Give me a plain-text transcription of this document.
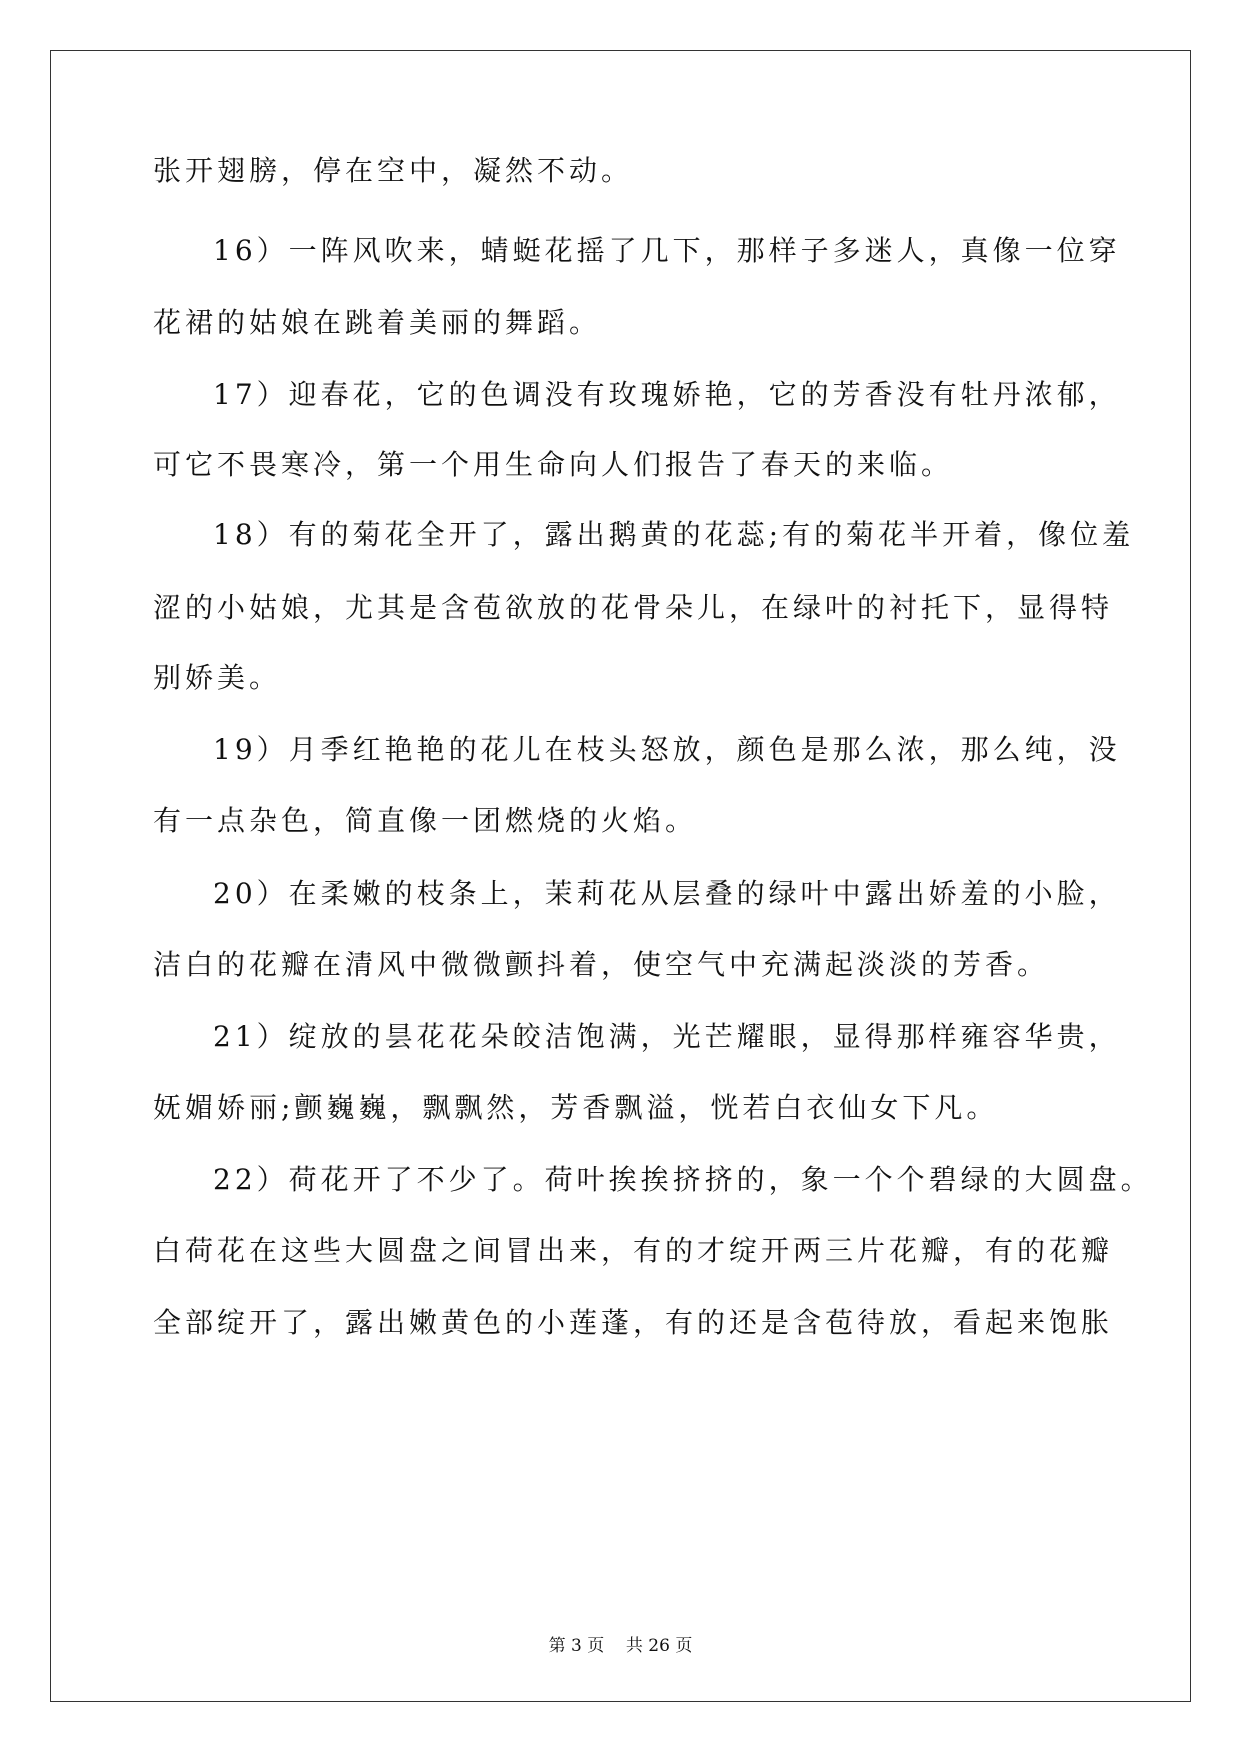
张开翅膀，停在空中，凝然不动。
16）一阵风吹来，蜻蜓花摇了几下，那样子多迷人，真像一位穿
花裙的姑娘在跳着美丽的舞蹈。
17）迎春花，它的色调没有玫瑰娇艳，它的芳香没有牡丹浓郁，
可它不畏寒冷，第一个用生命向人们报告了春天的来临。
18）有的菊花全开了，露出鹅黄的花蕊;有的菊花半开着，像位羞
涩的小姑娘，尤其是含苞欲放的花骨朵儿，在绿叶的衬托下，显得特
别娇美。
19）月季红艳艳的花儿在枝头怒放，颜色是那么浓，那么纯，没
有一点杂色，简直像一团燃烧的火焰。
20）在柔嫩的枝条上，茉莉花从层叠的绿叶中露出娇羞的小脸，
洁白的花瓣在清风中微微颤抖着，使空气中充满起淡淡的芳香。
21）绽放的昙花花朵皎洁饱满，光芒耀眼，显得那样雍容华贵，
妩媚娇丽;颤巍巍，飘飘然，芳香飘溢，恍若白衣仙女下凡。
22）荷花开了不少了。荷叶挨挨挤挤的，象一个个碧绿的大圆盘。
白荷花在这些大圆盘之间冒出来，有的才绽开两三片花瓣，有的花瓣
全部绽开了，露出嫩黄色的小莲蓬，有的还是含苞待放，看起来饱胀
第 3 页    共 26 页
